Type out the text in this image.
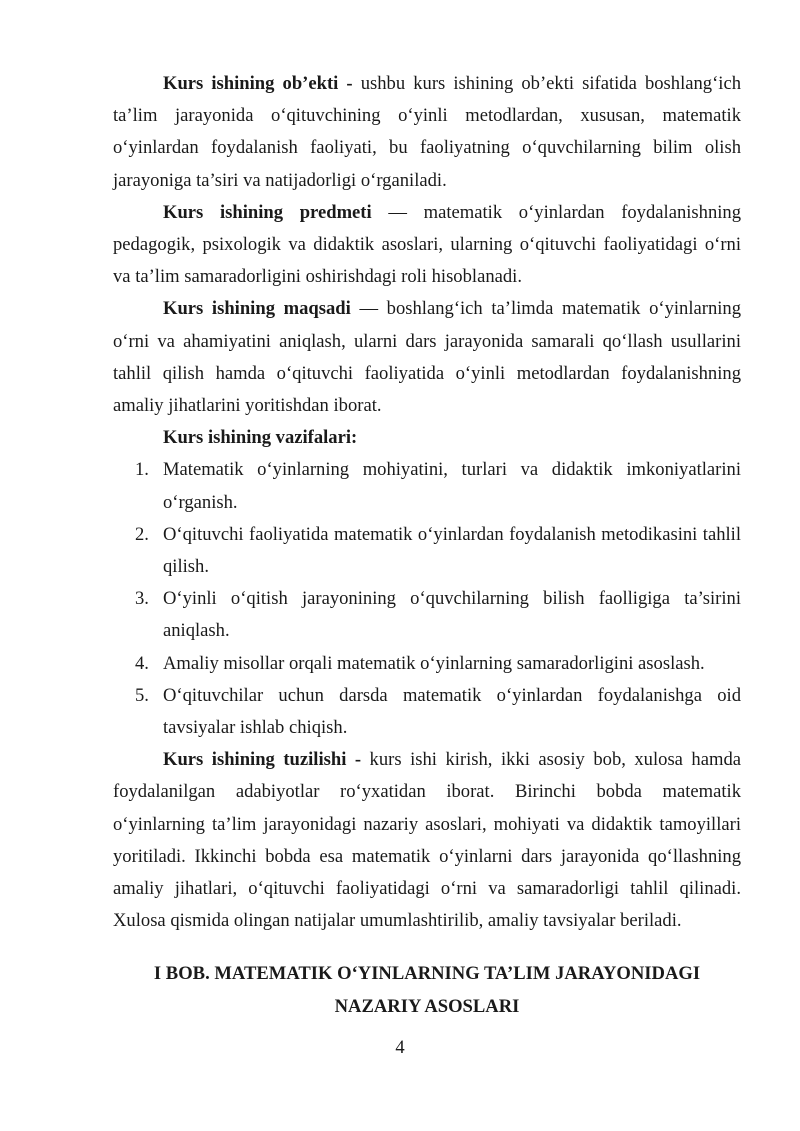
Kurs ishining ob’ekti - ushbu kurs ishining ob’ekti sifatida boshlang‘ich ta’lim jarayonida o‘qituvchining o‘yinli metodlardan, xususan, matematik o‘yinlardan foydalanish faoliyati, bu faoliyatning o‘quvchilarning bilim olish jarayoniga ta’siri va natijadorligi o‘rganiladi.

Kurs ishining predmeti — matematik o‘yinlardan foydalanishning pedagogik, psixologik va didaktik asoslari, ularning o‘qituvchi faoliyatidagi o‘rni va ta’lim samaradorligini oshirishdagi roli hisoblanadi.

Kurs ishining maqsadi — boshlang‘ich ta’limda matematik o‘yinlarning o‘rni va ahamiyatini aniqlash, ularni dars jarayonida samarali qo‘llash usullarini tahlil qilish hamda o‘qituvchi faoliyatida o‘yinli metodlardan foydalanishning amaliy jihatlarini yoritishdan iborat.

Kurs ishining vazifalari:

1. Matematik o‘yinlarning mohiyatini, turlari va didaktik imkoniyatlarini o‘rganish.
2. O‘qituvchi faoliyatida matematik o‘yinlardan foydalanish metodikasini tahlil qilish.
3. O‘yinli o‘qitish jarayonining o‘quvchilarning bilish faolligiga ta’sirini aniqlash.
4. Amaliy misollar orqali matematik o‘yinlarning samaradorligini asoslash.
5. O‘qituvchilar uchun darsda matematik o‘yinlardan foydalanishga oid tavsiyalar ishlab chiqish.

Kurs ishining tuzilishi - kurs ishi kirish, ikki asosiy bob, xulosa hamda foydalanilgan adabiyotlar ro‘yxatidan iborat. Birinchi bobda matematik o‘yinlarning ta’lim jarayonidagi nazariy asoslari, mohiyati va didaktik tamoyillari yoritiladi. Ikkinchi bobda esa matematik o‘yinlarni dars jarayonida qo‘llashning amaliy jihatlari, o‘qituvchi faoliyatidagi o‘rni va samaradorligi tahlil qilinadi. Xulosa qismida olingan natijalar umumlashtirilib, amaliy tavsiyalar beriladi.

I BOB. MATEMATIK O‘YINLARNING TA’LIM JARAYONIDAGI

NAZARIY ASOSLARI

4
